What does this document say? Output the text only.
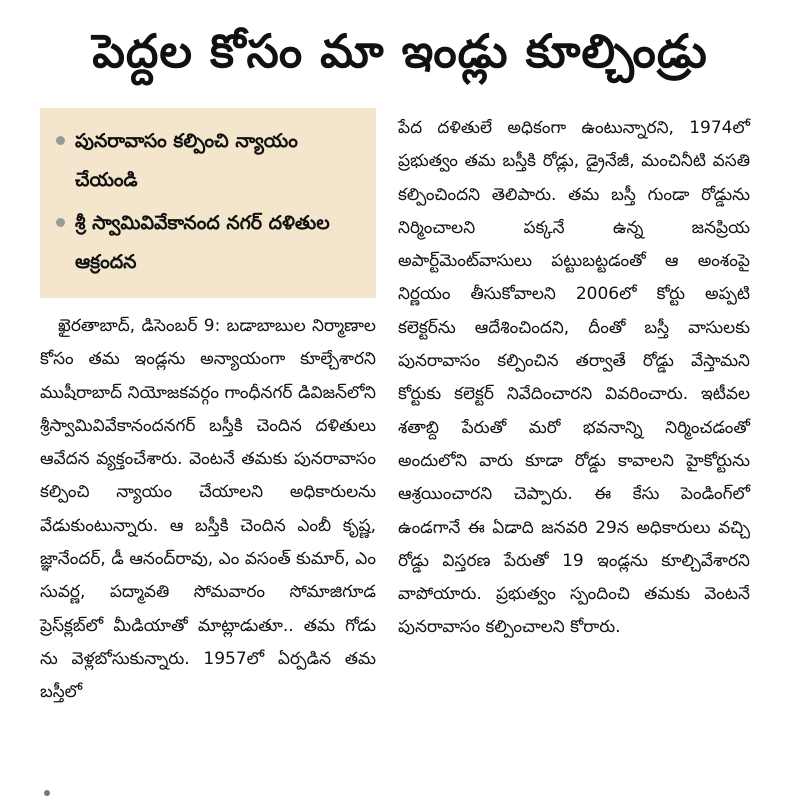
పెద్దల కోసం మా ఇండ్లు కూల్చిండ్రు

పునరావాసం కల్పించి న్యాయం చేయండి

శ్రీ స్వామివివేకానంద నగర్ దళితుల ఆక్రందన

ఖైరతాబాద్, డిసెంబర్ 9: బడాబాబుల నిర్మాణాల కోసం తమ ఇండ్లను అన్యాయంగా కూల్చేశారని ముషీరాబాద్ నియోజకవర్గం గాంధీనగర్ డివిజన్‌లోని శ్రీస్వామివివేకానందనగర్ బస్తీకి చెందిన దళితులు ఆవేదన వ్యక్తంచేశారు. వెంటనే తమకు పునరావాసం కల్పించి న్యాయం చేయాలని అధికారులను వేడుకుంటున్నారు. ఆ బస్తీకి చెందిన ఎంబీ కృష్ణ, జ్ఞానేందర్, డీ ఆనంద్‌రావు, ఎం వసంత్ కుమార్, ఎం సువర్ణ, పద్మావతి సోమవారం సోమాజిగూడ ప్రెస్‌క్లబ్‌లో మీడియాతో మాట్లాడుతూ.. తమ గోడు ను వెళ్లబోసుకున్నారు. 1957లో ఏర్పడిన తమ బస్తీలో

పేద దళితులే అధికంగా ఉంటున్నారని, 1974లో ప్రభుత్వం తమ బస్తీకి రోడ్లు, డ్రైనేజీ, మంచినీటి వసతి కల్పించిందని తెలిపారు. తమ బస్తీ గుండా రోడ్డును నిర్మించాలని పక్కనే ఉన్న జనప్రియ అపార్ట్‌మెంట్‌వాసులు పట్టుబట్టడంతో ఆ అంశంపై నిర్ణయం తీసుకోవాలని 2006లో కోర్టు అప్పటి కలెక్టర్‌ను ఆదేశించిందని, దీంతో బస్తీ వాసులకు పునరావాసం కల్పించిన తర్వాతే రోడ్డు వేస్తామని కోర్టుకు కలెక్టర్ నివేదించారని వివరించారు. ఇటీవల శతాబ్ది పేరుతో మరో భవనాన్ని నిర్మించడంతో అందులోని వారు కూడా రోడ్డు కావాలని హైకోర్టును ఆశ్రయించారని చెప్పారు. ఈ కేసు పెండింగ్‌లో ఉండగానే ఈ ఏడాది జనవరి 29న అధికారులు వచ్చి రోడ్డు విస్తరణ పేరుతో 19 ఇండ్లను కూల్చివేశారని వాపోయారు. ప్రభుత్వం స్పందించి తమకు వెంటనే పునరావాసం కల్పించాలని కోరారు.
